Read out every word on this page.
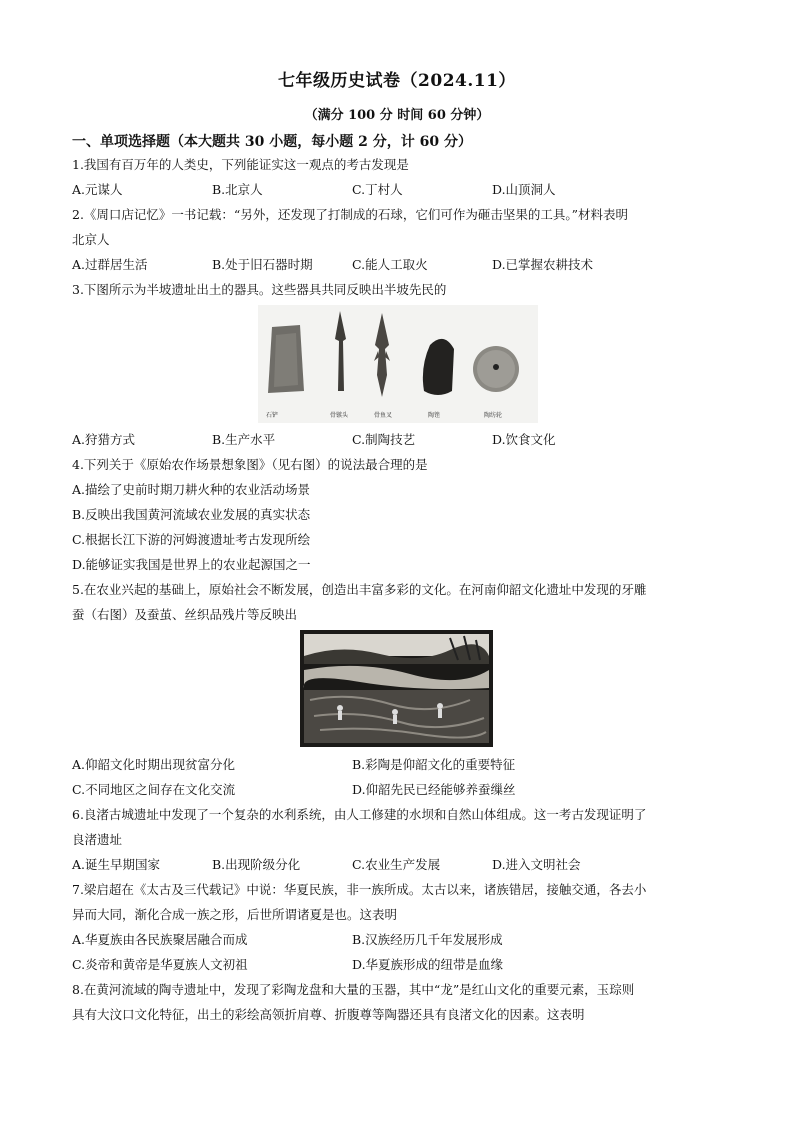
七年级历史试卷（2024.11）
（满分 100 分 时间 60 分钟）
一、单项选择题（本大题共 30 小题，每小题 2 分，计 60 分）
1.我国有百万年的人类史，下列能证实这一观点的考古发现是
A.元谋人	B.北京人	C.丁村人	D.山顶洞人
2.《周口店记忆》一书记载：“另外，还发现了打制成的石球，它们可作为砸击坚果的工具。”材料表明
北京人
A.过群居生活	B.处于旧石器时期	C.能人工取火	D.已掌握农耕技术
3.下图所示为半坡遗址出土的器具。这些器具共同反映出半坡先民的
石铲	骨镞头	骨鱼叉	陶锉	陶纺轮
A.狩猎方式	B.生产水平	C.制陶技艺	D.饮食文化
4.下列关于《原始农作场景想象图》（见右图）的说法最合理的是
A.描绘了史前时期刀耕火种的农业活动场景
B.反映出我国黄河流域农业发展的真实状态
C.根据长江下游的河姆渡遗址考古发现所绘
D.能够证实我国是世界上的农业起源国之一
5.在农业兴起的基础上，原始社会不断发展，创造出丰富多彩的文化。在河南仰韶文化遗址中发现的牙雕
蚕（右图）及蚕茧、丝织品残片等反映出
A.仰韶文化时期出现贫富分化	B.彩陶是仰韶文化的重要特征
C.不同地区之间存在文化交流	D.仰韶先民已经能够养蚕缫丝
6.良渚古城遗址中发现了一个复杂的水利系统，由人工修建的水坝和自然山体组成。这一考古发现证明了
良渚遗址
A.诞生早期国家	B.出现阶级分化	C.农业生产发展	D.进入文明社会
7.梁启超在《太古及三代载记》中说：华夏民族，非一族所成。太古以来，诸族错居，接触交通，各去小
异而大同，渐化合成一族之形，后世所谓诸夏是也。这表明
A.华夏族由各民族聚居融合而成	B.汉族经历几千年发展形成
C.炎帝和黄帝是华夏族人文初祖	D.华夏族形成的纽带是血缘
8.在黄河流域的陶寺遗址中，发现了彩陶龙盘和大量的玉器，其中“龙”是红山文化的重要元素，玉琮则
具有大汶口文化特征，出土的彩绘高领折肩尊、折腹尊等陶器还具有良渚文化的因素。这表明
